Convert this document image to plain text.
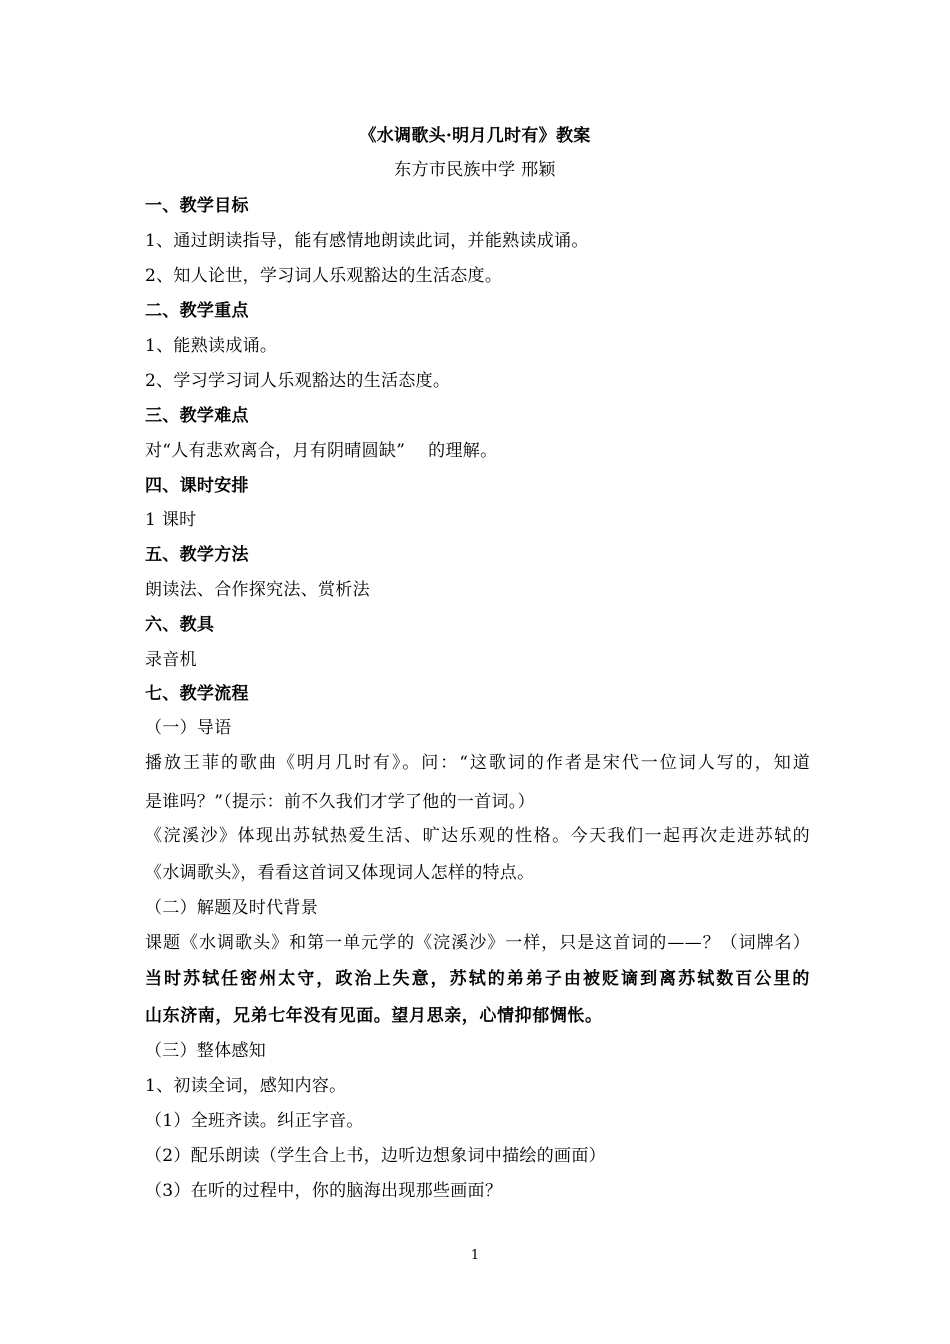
《水调歌头·明月几时有》教案
东方市民族中学 邢颖
一、教学目标
1、通过朗读指导，能有感情地朗读此词，并能熟读成诵。
2、知人论世，学习词人乐观豁达的生活态度。
二、教学重点
1、能熟读成诵。
2、学习学习词人乐观豁达的生活态度。
三、教学难点
对“人有悲欢离合，月有阴晴圆缺”　 的理解。
四、课时安排
1 课时
五、教学方法
朗读法、合作探究法、赏析法
六、教具
录音机
七、教学流程
（一）导语
播放王菲的歌曲《明月几时有》。问：“这歌词的作者是宋代一位词人写的，知道
是谁吗？”（提示：前不久我们才学了他的一首词。）
《浣溪沙》体现出苏轼热爱生活、旷达乐观的性格。今天我们一起再次走进苏轼的
《水调歌头》，看看这首词又体现词人怎样的特点。
（二）解题及时代背景
课题《水调歌头》和第一单元学的《浣溪沙》一样，只是这首词的——？（词牌名）
当时苏轼任密州太守，政治上失意，苏轼的弟弟子由被贬谪到离苏轼数百公里的
山东济南，兄弟七年没有见面。望月思亲，心情抑郁惆怅。
（三）整体感知
1、初读全词，感知内容。
（1）全班齐读。纠正字音。
（2）配乐朗读（学生合上书，边听边想象词中描绘的画面）
（3）在听的过程中，你的脑海出现那些画面？
1
